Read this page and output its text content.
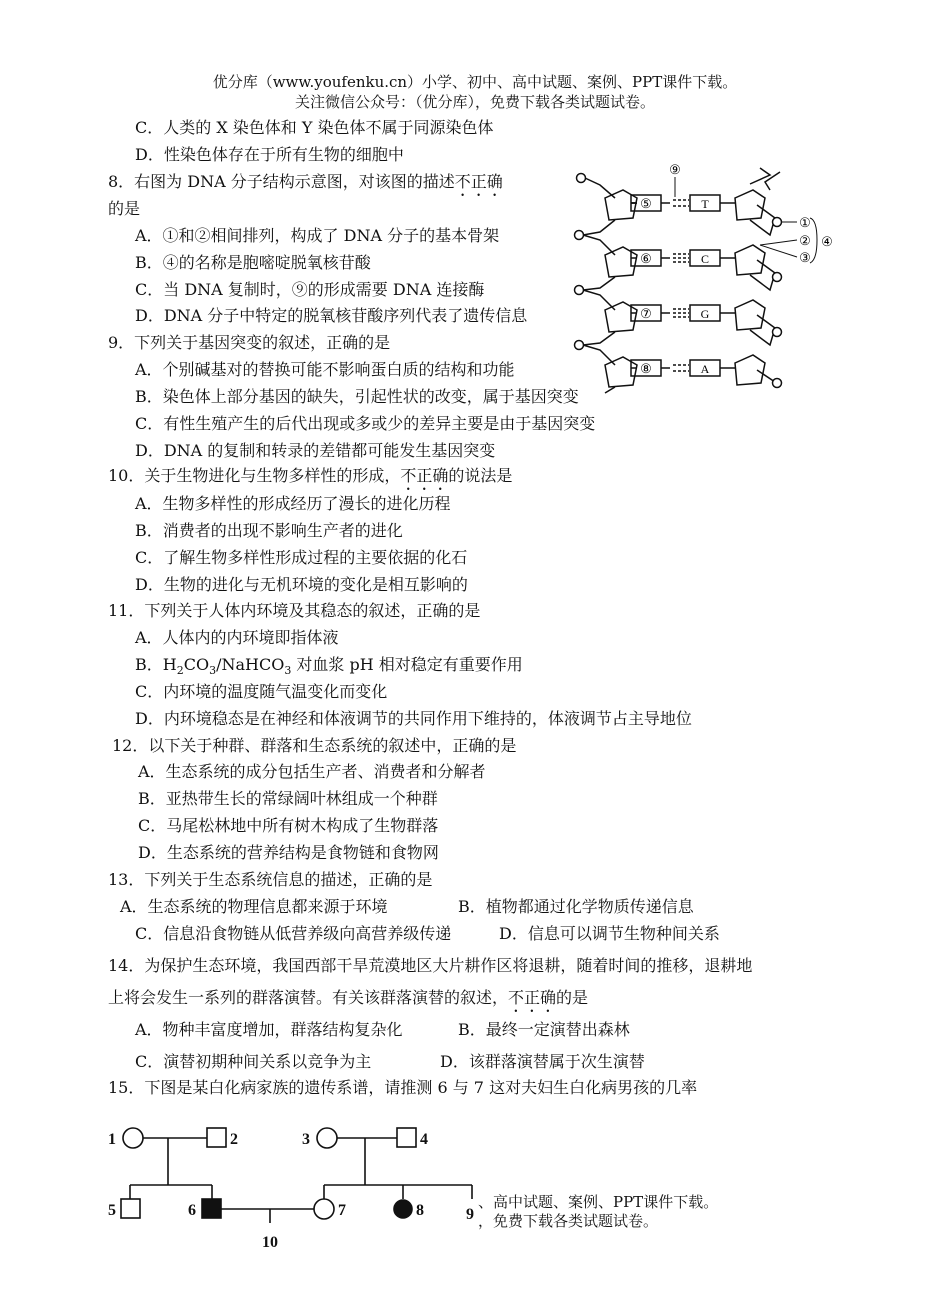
优分库（www.youfenku.cn）小学、初中、高中试题、案例、PPT课件下载。
关注微信公众号：（优分库），免费下载各类试题试卷。
C．人类的 X 染色体和 Y 染色体不属于同源染色体
D．性染色体存在于所有生物的细胞中
8．右图为 DNA 分子结构示意图，对该图的描述不正确
的是
A．①和②相间排列，构成了 DNA 分子的基本骨架
B．④的名称是胞嘧啶脱氧核苷酸
C．当 DNA 复制时，⑨的形成需要 DNA 连接酶
D．DNA 分子中特定的脱氧核苷酸序列代表了遗传信息
⑤
⑥
⑦
⑧
T
C
G
A
①
②
③
④
⑨
9．下列关于基因突变的叙述，正确的是
A．个别碱基对的替换可能不影响蛋白质的结构和功能
B．染色体上部分基因的缺失，引起性状的改变，属于基因突变
C．有性生殖产生的后代出现或多或少的差异主要是由于基因突变
D．DNA 的复制和转录的差错都可能发生基因突变
10．关于生物进化与生物多样性的形成，不正确的说法是
A．生物多样性的形成经历了漫长的进化历程
B．消费者的出现不影响生产者的进化
C．了解生物多样性形成过程的主要依据的化石
D．生物的进化与无机环境的变化是相互影响的
11．下列关于人体内环境及其稳态的叙述，正确的是
A．人体内的内环境即指体液
B．$H_2CO_3/NaHCO_3$ 对血浆 pH 相对稳定有重要作用
C．内环境的温度随气温变化而变化
D．内环境稳态是在神经和体液调节的共同作用下维持的，体液调节占主导地位
12．以下关于种群、群落和生态系统的叙述中，正确的是
A．生态系统的成分包括生产者、消费者和分解者
B．亚热带生长的常绿阔叶林组成一个种群
C．马尾松林地中所有树木构成了生物群落
D．生态系统的营养结构是食物链和食物网
13．下列关于生态系统信息的描述，正确的是
A．生态系统的物理信息都来源于环境	B．植物都通过化学物质传递信息
C．信息沿食物链从低营养级向高营养级传递	D．信息可以调节生物种间关系
14．为保护生态环境，我国西部干旱荒漠地区大片耕作区将退耕，随着时间的推移，退耕地
上将会发生一系列的群落演替。有关该群落演替的叙述，不正确的是
A．物种丰富度增加，群落结构复杂化	B．最终一定演替出森林
C．演替初期种间关系以竞争为主	D．该群落演替属于次生演替
15．下图是某白化病家族的遗传系谱，请推测 6 与 7 这对夫妇生白化病男孩的几率
1	2	3	4
5	6	7	8	9
10
、高中试题、案例、PPT课件下载。
，免费下载各类试题试卷。
